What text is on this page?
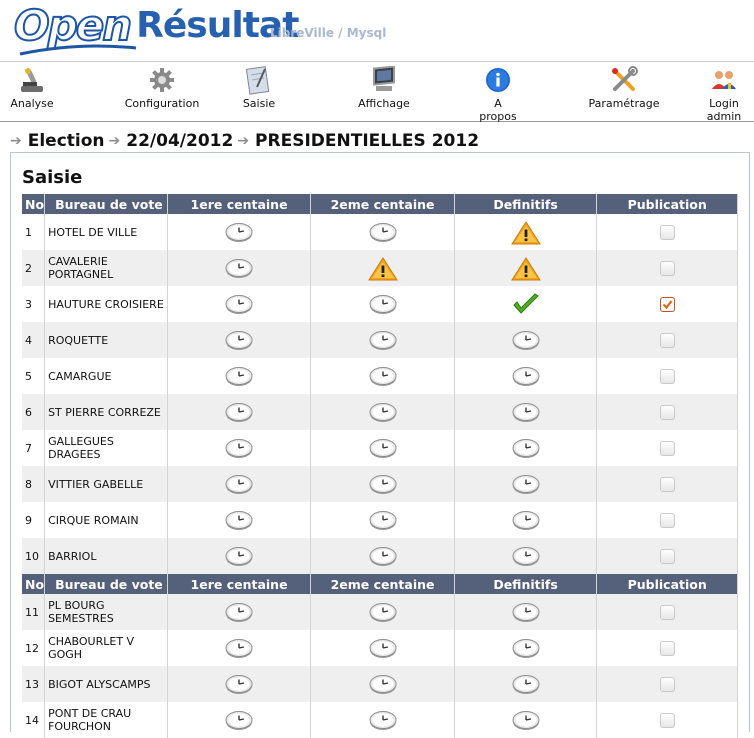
Open Résultat
LibreVille / Mysql
Analyse	Configuration	Saisie	Affichage	A propos
Paramétrage	Login
admin
➔ Election ➔ 22/04/2012 ➔ PRESIDENTIELLES 2012
Saisie
No	Bureau de vote	1ere centaine	2eme centaine	Definitifs	Publication
1	HOTEL DE VILLE				
2	CAVALERIE PORTAGNEL				
3	HAUTURE CROISIERE				

4	ROQUETTE				
5	CAMARGUE				
6	ST PIERRE CORREZE				
7	GALLEGUES DRAGEES				
8	VITTIER GABELLE				
9	CIRQUE ROMAIN				
10	BARRIOL				
No	Bureau de vote	1ere centaine	2eme centaine	Definitifs	Publication
11	PL BOURG SEMESTRES				
12	CHABOURLET V GOGH				
13	BIGOT ALYSCAMPS				
14	PONT DE CRAU FOURCHON				
